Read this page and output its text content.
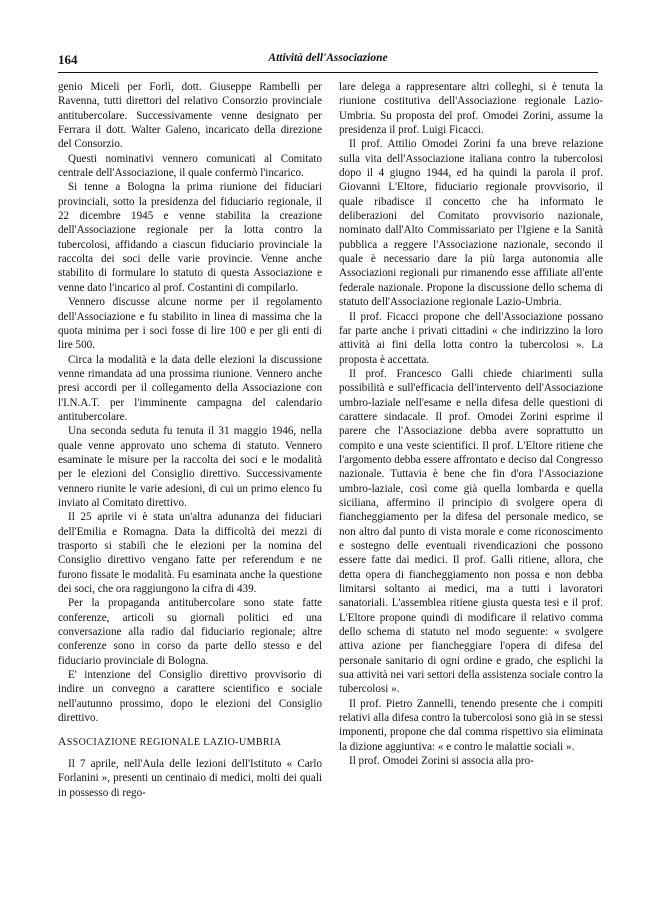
164	Attività dell'Associazione

genio Miceli per Forlì, dott. Giuseppe Rambelli per Ravenna, tutti direttori del relativo Consorzio provinciale antitubercolare. Successivamente venne designato per Ferrara il dott. Walter Galeno, incaricato della direzione del Consorzio.

Questi nominativi vennero comunicati al Comitato centrale dell'Associazione, il quale confermò l'incarico.

Si tenne a Bologna la prima riunione dei fiduciari provinciali, sotto la presidenza del fiduciario regionale, il 22 dicembre 1945 e venne stabilita la creazione dell'Associazione regionale per la lotta contro la tubercolosi, affidando a ciascun fiduciario provinciale la raccolta dei soci delle varie provincie. Venne anche stabilito di formulare lo statuto di questa Associazione e venne dato l'incarico al prof. Costantini di compilarlo.

Vennero discusse alcune norme per il regolamento dell'Associazione e fu stabilito in linea di massima che la quota minima per i soci fosse di lire 100 e per gli enti di lire 500.

Circa la modalità e la data delle elezioni la discussione venne rimandata ad una prossima riunione. Vennero anche presi accordi per il collegamento della Associazione con l'I.N.A.T. per l'imminente campagna del calendario antitubercolare.

Una seconda seduta fu tenuta il 31 maggio 1946, nella quale venne approvato uno schema di statuto. Vennero esaminate le misure per la raccolta dei soci e le modalità per le elezioni del Consiglio direttivo. Successivamente vennero riunite le varie adesioni, di cui un primo elenco fu inviato al Comitato direttivo.

Il 25 aprile vi è stata un'altra adunanza dei fiduciari dell'Emilia e Romagna. Data la difficoltà dei mezzi di trasporto si stabilì che le elezioni per la nomina del Consiglio direttivo vengano fatte per referendum e ne furono fissate le modalità. Fu esaminata anche la questione dei soci, che ora raggiungono la cifra di 439.

Per la propaganda antitubercolare sono state fatte conferenze, articoli su giornali politici ed una conversazione alla radio dal fiduciario regionale; altre conferenze sono in corso da parte dello stesso e del fiduciario provinciale di Bologna.

E' intenzione del Consiglio direttivo provvisorio di indire un convegno a carattere scientifico e sociale nell'autunno prossimo, dopo le elezioni del Consiglio direttivo.

ASSOCIAZIONE REGIONALE LAZIO-UMBRIA

Il 7 aprile, nell'Aula delle lezioni dell'Istituto « Carlo Forlanini », presenti un centinaio di medici, molti dei quali in possesso di rego-

lare delega a rappresentare altri colleghi, si è tenuta la riunione costitutiva dell'Associazione regionale Lazio-Umbria. Su proposta del prof. Omodei Zorini, assume la presidenza il prof. Luigi Ficacci.

Il prof. Attilio Omodei Zorini fa una breve relazione sulla vita dell'Associazione italiana contro la tubercolosi dopo il 4 giugno 1944, ed ha quindi la parola il prof. Giovanni L'Eltore, fiduciario regionale provvisorio, il quale ribadisce il concetto che ha informato le deliberazioni del Comitato provvisorio nazionale, nominato dall'Alto Commissariato per l'Igiene e la Sanità pubblica a reggere l'Associazione nazionale, secondo il quale è necessario dare la più larga autonomia alle Associazioni regionali pur rimanendo esse affiliate all'ente federale nazionale. Propone la discussione dello schema di statuto dell'Associazione regionale Lazio-Umbria.

Il prof. Ficacci propone che dell'Associazione possano far parte anche i privati cittadini « che indirizzino la loro attività ai fini della lotta contro la tubercolosi ». La proposta è accettata.

Il prof. Francesco Galli chiede chiarimenti sulla possibilità e sull'efficacia dell'intervento dell'Associazione umbro-laziale nell'esame e nella difesa delle questioni di carattere sindacale. Il prof. Omodei Zorini esprime il parere che l'Associazione debba avere soprattutto un compito e una veste scientifici. Il prof. L'Eltore ritiene che l'argomento debba essere affrontato e deciso dal Congresso nazionale. Tuttavia è bene che fin d'ora l'Associazione umbro-laziale, così come già quella lombarda e quella siciliana, affermino il principio di svolgere opera di fiancheggiamento per la difesa del personale medico, se non altro dal punto di vista morale e come riconoscimento e sostegno delle eventuali rivendicazioni che possono essere fatte dai medici. Il prof. Galli ritiene, allora, che detta opera di fiancheggiamento non possa e non debba limitarsi soltanto ai medici, ma a tutti i lavoratori sanatoriali. L'assemblea ritiene giusta questa tesi e il prof. L'Eltore propone quindi di modificare il relativo comma dello schema di statuto nel modo seguente: « svolgere attiva azione per fiancheggiare l'opera di difesa del personale sanitario di ogni ordine e grado, che esplichi la sua attività nei vari settori della assistenza sociale contro la tubercolosi ».

Il prof. Pietro Zannelli, tenendo presente che i compiti relativi alla difesa contro la tubercolosi sono già in se stessi imponenti, propone che dal comma rispettivo sia eliminata la dizione aggiuntiva: « e contro le malattie sociali ».

Il prof. Omodei Zorini si associa alla pro-
